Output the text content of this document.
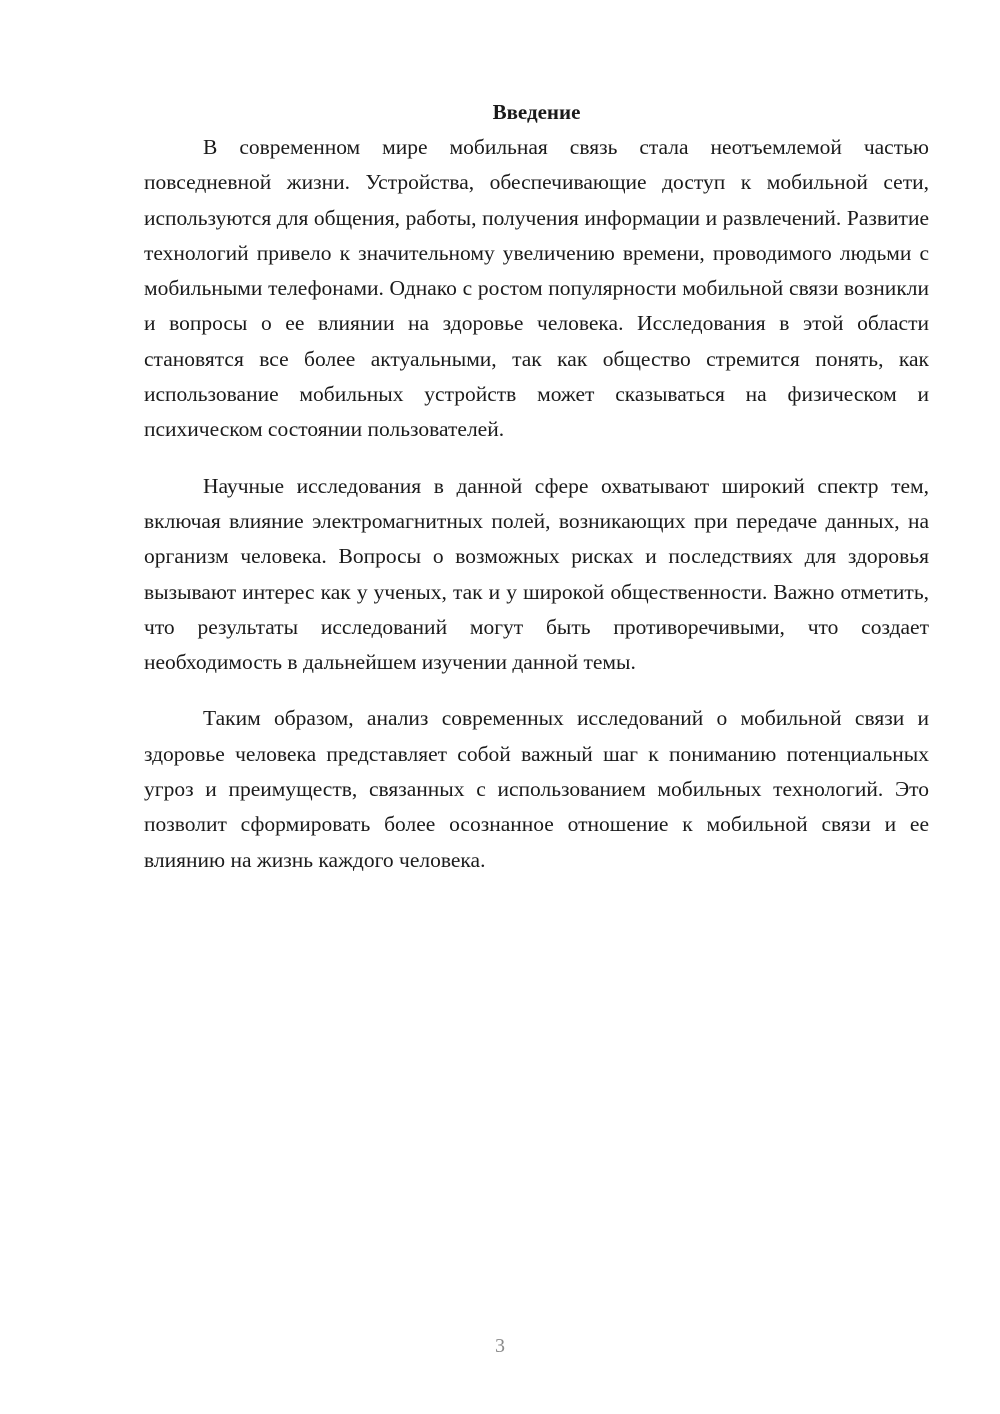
Введение

В современном мире мобильная связь стала неотъемлемой частью повседневной жизни. Устройства, обеспечивающие доступ к мобильной сети, используются для общения, работы, получения информации и развлечений. Развитие технологий привело к значительному увеличению времени, проводимого людьми с мобильными телефонами. Однако с ростом популярности мобильной связи возникли и вопросы о ее влиянии на здоровье человека. Исследования в этой области становятся все более актуальными, так как общество стремится понять, как использование мобильных устройств может сказываться на физическом и психическом состоянии пользователей.

Научные исследования в данной сфере охватывают широкий спектр тем, включая влияние электромагнитных полей, возникающих при передаче данных, на организм человека. Вопросы о возможных рисках и последствиях для здоровья вызывают интерес как у ученых, так и у широкой общественности. Важно отметить, что результаты исследований могут быть противоречивыми, что создает необходимость в дальнейшем изучении данной темы.

Таким образом, анализ современных исследований о мобильной связи и здоровье человека представляет собой важный шаг к пониманию потенциальных угроз и преимуществ, связанных с использованием мобильных технологий. Это позволит сформировать более осознанное отношение к мобильной связи и ее влиянию на жизнь каждого человека.

3
